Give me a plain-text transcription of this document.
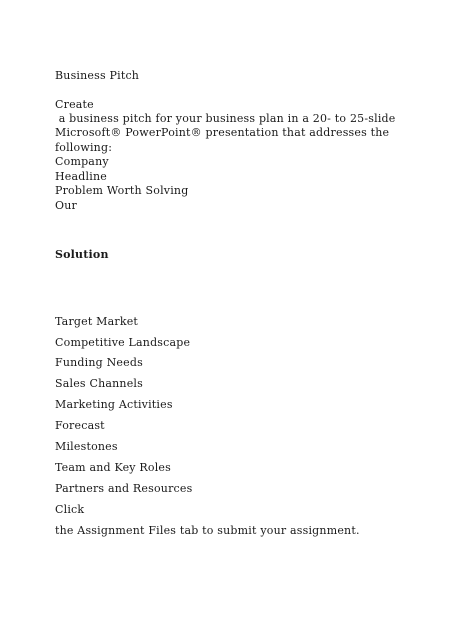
Business Pitch
Create
a business pitch for your business plan in a 20- to 25-slide
Microsoft® PowerPoint® presentation that addresses the
following:
Company
Headline
Problem Worth Solving
Our
Solution
Target Market
Competitive Landscape
Funding Needs
Sales Channels
Marketing Activities
Forecast
Milestones
Team and Key Roles
Partners and Resources
Click
the Assignment Files tab to submit your assignment.
